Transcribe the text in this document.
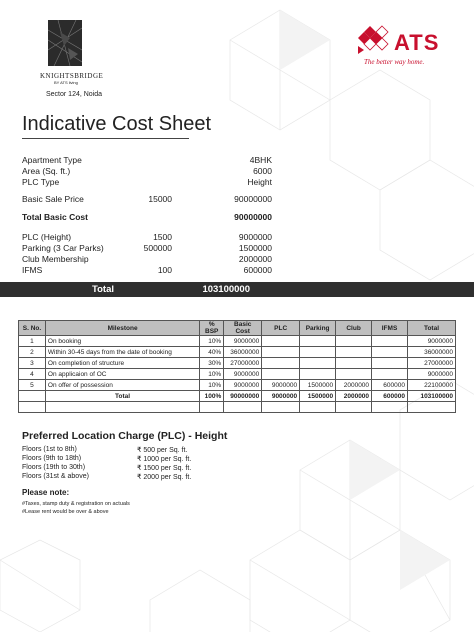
KNIGHTSBRIDGE
BY ATS living
Sector 124, Noida
ATS
The better way home.
Indicative Cost Sheet
Apartment Type	4BHK
Area (Sq. ft.)	6000
PLC Type	Height
Basic Sale Price	15000	90000000
Total Basic Cost	90000000
PLC (Height)	1500	9000000
Parking (3 Car Parks)	500000	1500000
Club Membership	2000000
IFMS	100	600000
Total	103100000
S. No.	Milestone	% BSP	Basic Cost	PLC	Parking	Club	IFMS	Total
1	On booking	10%	9000000					9000000
2	Within 30-45 days from the date of booking	40%	36000000					36000000
3	On completion of structure	30%	27000000					27000000
4	On applicaion of OC	10%	9000000					9000000
5	On offer of possession	10%	9000000	9000000	1500000	2000000	600000	22100000
	Total	100%	90000000	9000000	1500000	2000000	600000	103100000

Preferred Location Charge (PLC) - Height
Floors (1st to 8th)	₹ 500 per Sq. ft.
Floors (9th to 18th)	₹ 1000 per Sq. ft.
Floors (19th to 30th)	₹ 1500 per Sq. ft.
Floors (31st & above)	₹ 2000 per Sq. ft.
Please note:
#Taxes, stamp duty & registration on actuals
#Lease rent would be over & above
